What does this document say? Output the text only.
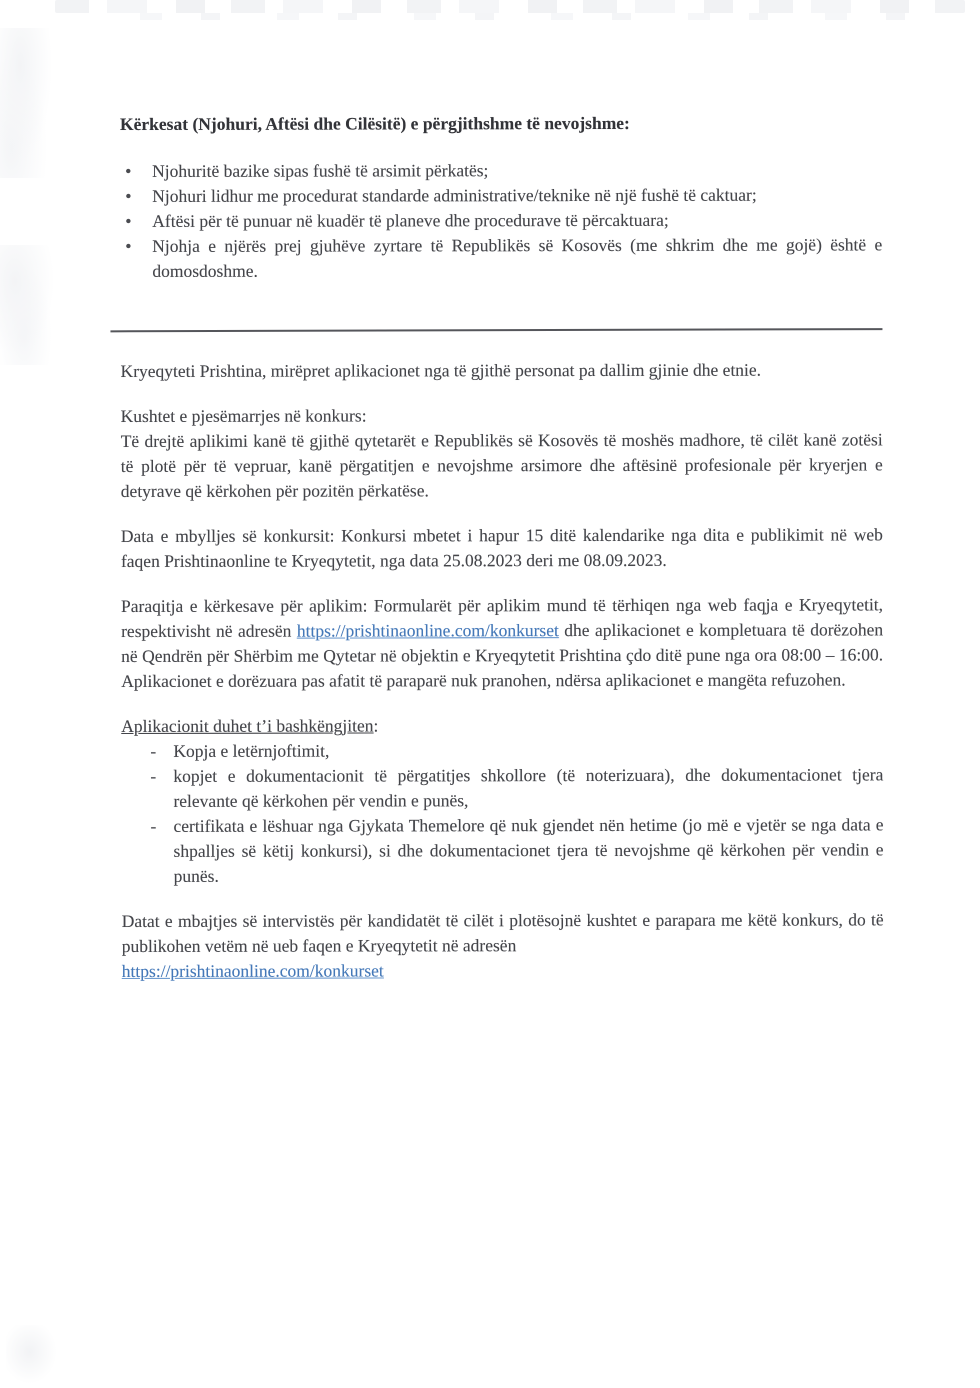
Kërkesat (Njohuri, Aftësi dhe Cilësitë) e përgjithshme të nevojshme:
• Njohuritë bazike sipas fushë të arsimit përkatës;
• Njohuri lidhur me procedurat standarde administrative/teknike në një fushë të caktuar;
• Aftësi për të punuar në kuadër të planeve dhe procedurave të përcaktuara;
• Njohja e njërës prej gjuhëve zyrtare të Republikës së Kosovës (me shkrim dhe me gojë) është e domosdoshme.

Kryeqyteti Prishtina, mirëpret aplikacionet nga të gjithë personat pa dallim gjinie dhe etnie.

Kushtet e pjesëmarrjes në konkurs:
Të drejtë aplikimi kanë të gjithë qytetarët e Republikës së Kosovës të moshës madhore, të cilët kanë zotësi të plotë për të vepruar, kanë përgatitjen e nevojshme arsimore dhe aftësinë profesionale për kryerjen e detyrave që kërkohen për pozitën përkatëse.

Data e mbylljes së konkursit: Konkursi mbetet i hapur 15 ditë kalendarike nga dita e publikimit në web faqen Prishtinaonline te Kryeqytetit, nga data 25.08.2023 deri me 08.09.2023.

Paraqitja e kërkesave për aplikim: Formularët për aplikim mund të tërhiqen nga web faqja e Kryeqytetit, respektivisht në adresën https://prishtinaonline.com/konkurset dhe aplikacionet e kompletuara të dorëzohen në Qendrën për Shërbim me Qytetar në objektin e Kryeqytetit Prishtina çdo ditë pune nga ora 08:00 – 16:00. Aplikacionet e dorëzuara pas afatit të paraparë nuk pranohen, ndërsa aplikacionet e mangëta refuzohen.

Aplikacionit duhet t’i bashkëngjiten:

- Kopja e letërnjoftimit,
- kopjet e dokumentacionit të përgatitjes shkollore (të noterizuara), dhe dokumentacionet tjera relevante që kërkohen për vendin e punës,
- certifikata e lëshuar nga Gjykata Themelore që nuk gjendet nën hetime (jo më e vjetër se nga data e shpalljes së këtij konkursi), si dhe dokumentacionet tjera të nevojshme që kërkohen për vendin e punës.

Datat e mbajtjes së intervistës për kandidatët të cilët i plotësojnë kushtet e parapara me këtë konkurs, do të publikohen vetëm në ueb faqen e Kryeqytetit në adresën
https://prishtinaonline.com/konkurset
